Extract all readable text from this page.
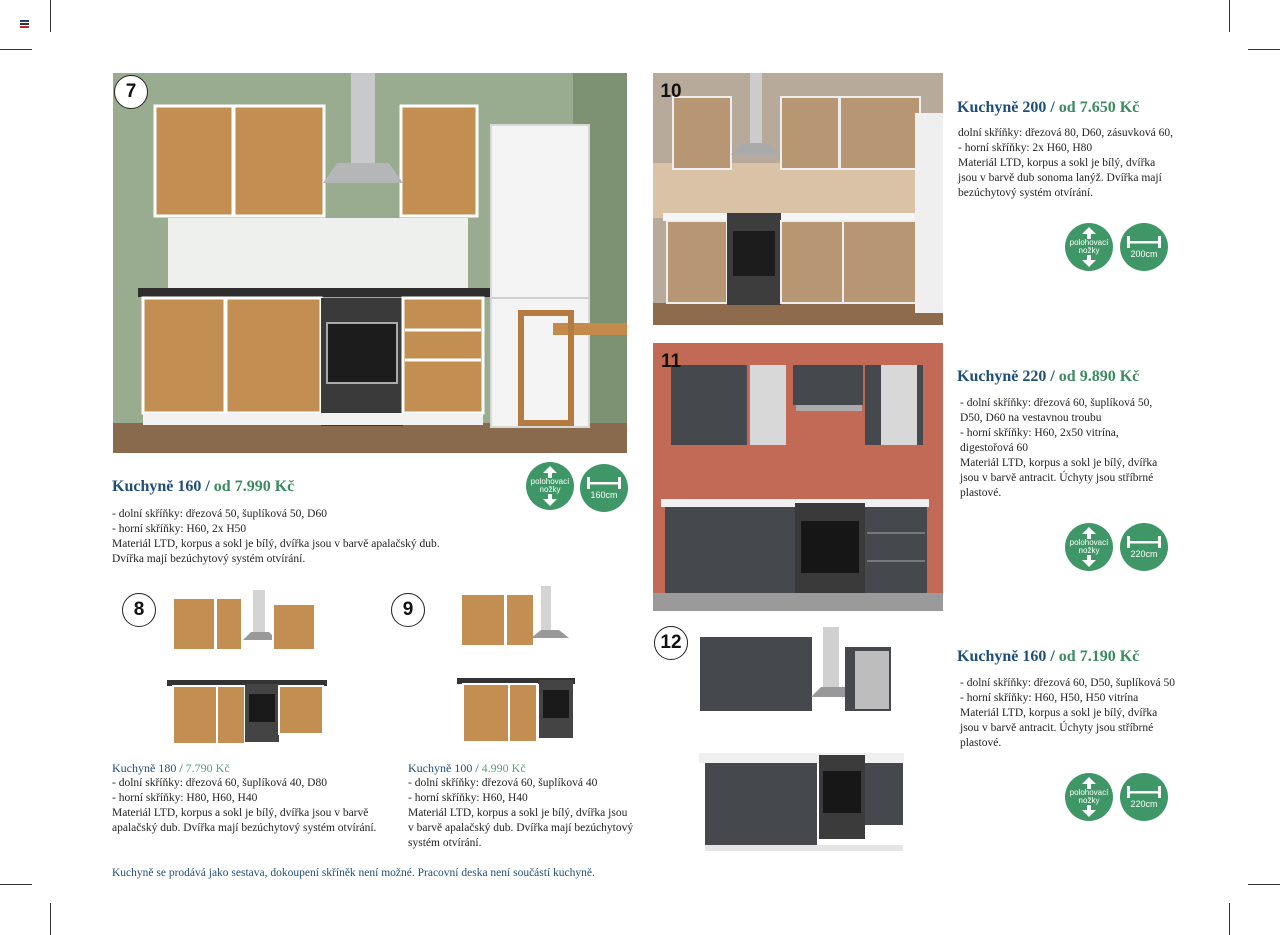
7
Kuchyně 160 / od 7.990 Kč	polohovací
nožky
160cm
- dolní skříňky: dřezová 50, šuplíková 50, D60
- horní skříňky: H60, 2x H50
Materiál LTD, korpus a sokl je bílý, dvířka jsou v barvě apalačský dub.
Dvířka mají bezúchytový systém otvírání.
8
Kuchyně 180 / 7.790 Kč
- dolní skříňky: dřezová 60, šuplíková 40, D80
- horní skříňky: H80, H60, H40
Materiál LTD, korpus a sokl je bílý, dvířka jsou v barvě
apalačský dub. Dvířka mají bezúchytový systém otvírání.
9
Kuchyně 100 / 4.990 Kč
- dolní skříňky: dřezová 60, šuplíková 40
- horní skříňky: H60, H40
Materiál LTD, korpus a sokl je bílý, dvířka jsou
v barvě apalačský dub. Dvířka mají bezúchytový
systém otvírání.
Kuchyně se prodává jako sestava, dokoupení skříněk není možné. Pracovní deska není součástí kuchyně.
10
Kuchyně 200 / od 7.650 Kč
dolní skříňky: dřezová 80, D60, zásuvková 60,
- horní skříňky: 2x H60, H80
Materiál LTD, korpus a sokl je bílý, dvířka
jsou v barvě dub sonoma lanýž. Dvířka mají
bezúchytový systém otvírání.
polohovací
nožky	200cm
11
Kuchyně 220 / od 9.890 Kč
- dolní skříňky: dřezová 60, šuplíková 50,
D50, D60 na vestavnou troubu
- horní skříňky: H60, 2x50 vitrína,
digestořová 60
Materiál LTD, korpus a sokl je bílý, dvířka
jsou v barvě antracit. Úchyty jsou stříbrné
plastové.
polohovací
nožky	220cm
12
Kuchyně 160 / od 7.190 Kč
- dolní skříňky: dřezová 60, D50, šuplíková 50
- horní skříňky: H60, H50, H50 vitrína
Materiál LTD, korpus a sokl je bílý, dvířka
jsou v barvě antracit. Úchyty jsou stříbrné
plastové.
polohovací
nožky	220cm
